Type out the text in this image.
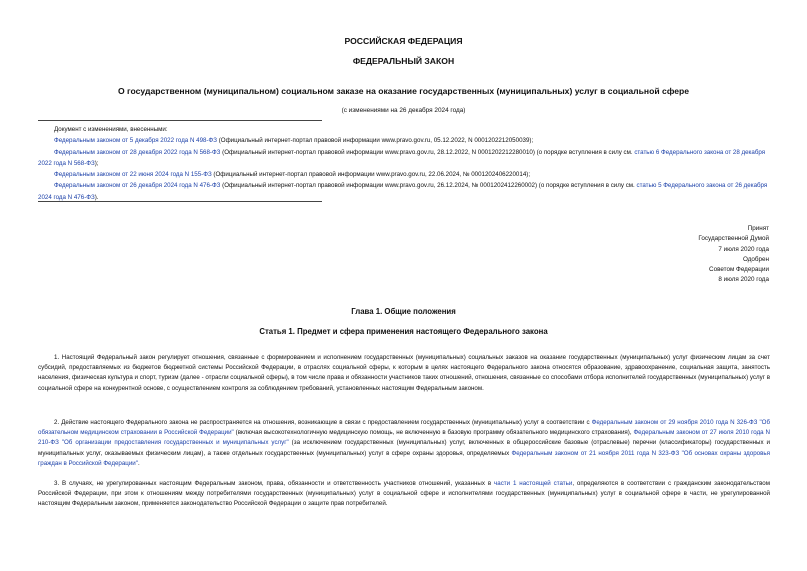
РОССИЙСКАЯ ФЕДЕРАЦИЯ
ФЕДЕРАЛЬНЫЙ ЗАКОН
О государственном (муниципальном) социальном заказе на оказание государственных (муниципальных) услуг в социальной сфере
(с изменениями на 26 декабря 2024 года)

Документ с изменениями, внесенными:

Федеральным законом от 5 декабря 2022 года N 498-ФЗ (Официальный интернет-портал правовой информации www.pravo.gov.ru, 05.12.2022, N 0001202212050039);

Федеральным законом от 28 декабря 2022 года N 568-ФЗ (Официальный интернет-портал правовой информации www.pravo.gov.ru, 28.12.2022, N 0001202212280010) (о порядке вступления в силу см. статью 6 Федерального закона от 28 декабря 2022 года N 568-ФЗ);

Федеральным законом от 22 июня 2024 года N 155-ФЗ (Официальный интернет-портал правовой информации www.pravo.gov.ru, 22.06.2024, № 0001202406220014);

Федеральным законом от 26 декабря 2024 года N 476-ФЗ (Официальный интернет-портал правовой информации www.pravo.gov.ru, 26.12.2024, № 0001202412260002) (о порядке вступления в силу см. статью 5 Федерального закона от 26 декабря 2024 года N 476-ФЗ).

Принят
Государственной Думой
7 июля 2020 года
Одобрен
Советом Федерации
8 июля 2020 года
Глава 1. Общие положения
Статья 1. Предмет и сфера применения настоящего Федерального закона

1. Настоящий Федеральный закон регулирует отношения, связанные с формированием и исполнением государственных (муниципальных) социальных заказов на оказание государственных (муниципальных) услуг физическим лицам за счет субсидий, предоставляемых из бюджетов бюджетной системы Российской Федерации, в отраслях социальной сферы, к которым в целях настоящего Федерального закона относятся образование, здравоохранение, социальная защита, занятость населения, физическая культура и спорт, туризм (далее - отрасли социальной сферы), в том числе права и обязанности участников таких отношений, отношения, связанные со способами отбора исполнителей государственных (муниципальных) услуг в социальной сфере на конкурентной основе, с осуществлением контроля за соблюдением требований, установленных настоящим Федеральным законом.

2. Действие настоящего Федерального закона не распространяется на отношения, возникающие в связи с предоставлением государственных (муниципальных) услуг в соответствии с Федеральным законом от 29 ноября 2010 года N 326-ФЗ "Об обязательном медицинском страховании в Российской Федерации" (включая высокотехнологичную медицинскую помощь, не включенную в базовую программу обязательного медицинского страхования), Федеральным законом от 27 июля 2010 года N 210-ФЗ "Об организации предоставления государственных и муниципальных услуг" (за исключением государственных (муниципальных) услуг, включенных в общероссийские базовые (отраслевые) перечни (классификаторы) государственных и муниципальных услуг, оказываемых физическим лицам), а также отдельных государственных (муниципальных) услуг в сфере охраны здоровья, определяемых Федеральным законом от 21 ноября 2011 года N 323-ФЗ "Об основах охраны здоровья граждан в Российской Федерации".

3. В случаях, не урегулированных настоящим Федеральным законом, права, обязанности и ответственность участников отношений, указанных в части 1 настоящей статьи, определяются в соответствии с гражданским законодательством Российской Федерации, при этом к отношениям между потребителями государственных (муниципальных) услуг в социальной сфере и исполнителями государственных (муниципальных) услуг в социальной сфере в части, не урегулированной настоящим Федеральным законом, применяется законодательство Российской Федерации о защите прав потребителей.
